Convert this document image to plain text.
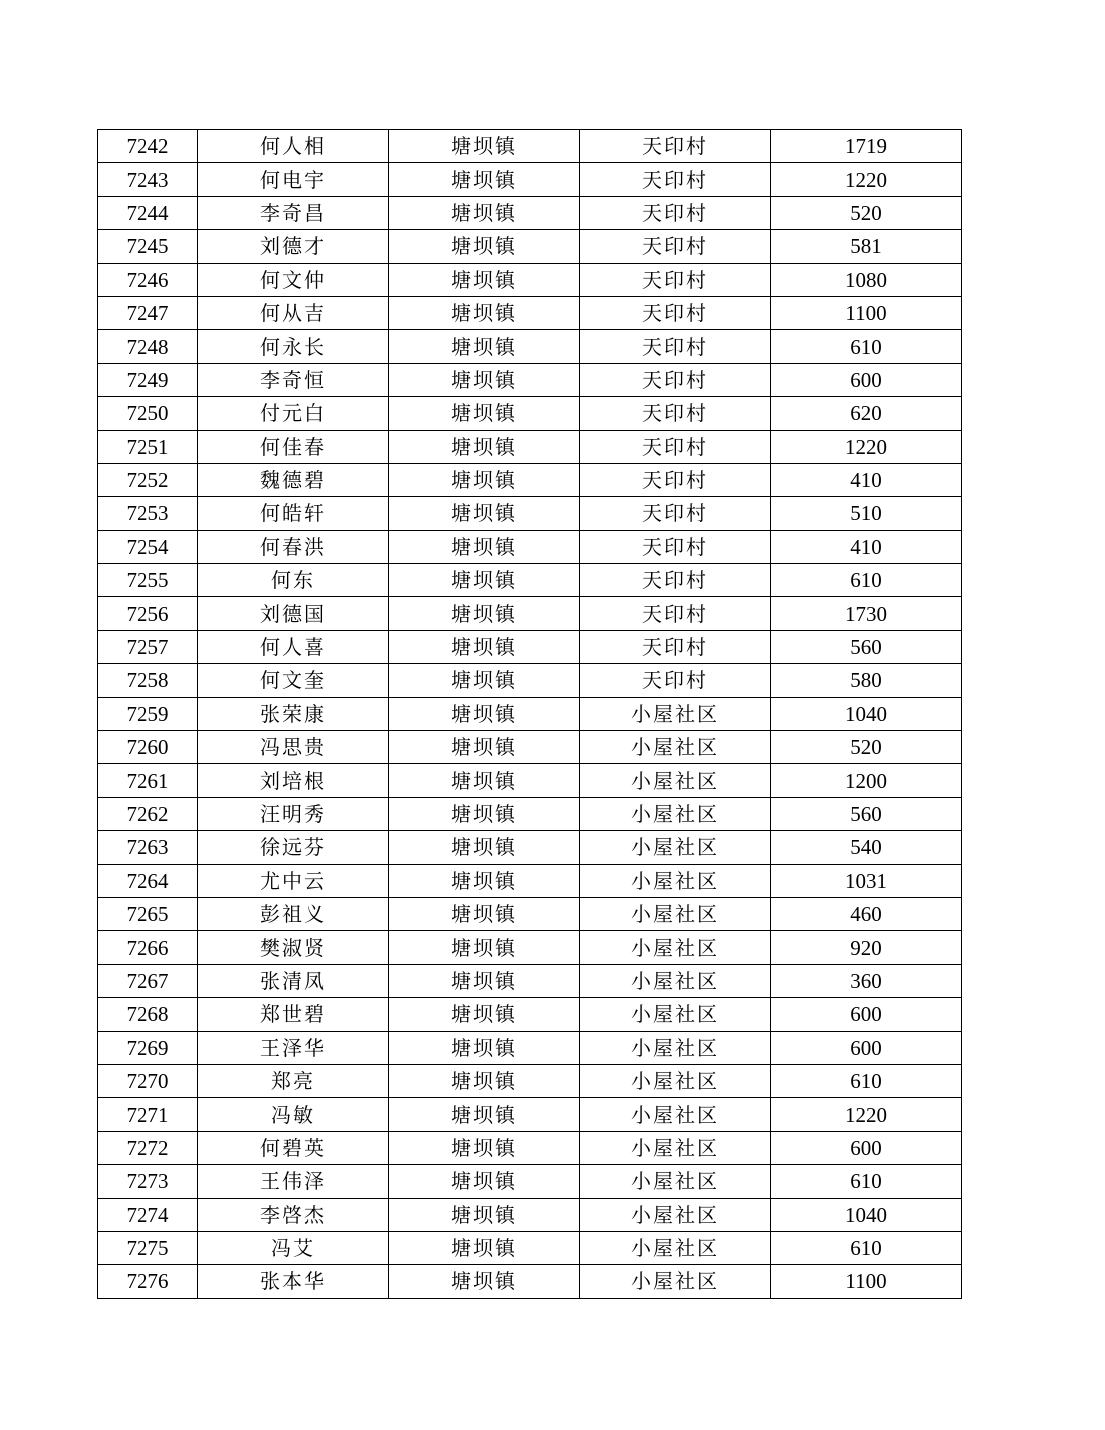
7242	何人相	塘坝镇	天印村	1719
7243	何电宇	塘坝镇	天印村	1220
7244	李奇昌	塘坝镇	天印村	520
7245	刘德才	塘坝镇	天印村	581
7246	何文仲	塘坝镇	天印村	1080
7247	何从吉	塘坝镇	天印村	1100
7248	何永长	塘坝镇	天印村	610
7249	李奇恒	塘坝镇	天印村	600
7250	付元白	塘坝镇	天印村	620
7251	何佳春	塘坝镇	天印村	1220
7252	魏德碧	塘坝镇	天印村	410
7253	何皓轩	塘坝镇	天印村	510
7254	何春洪	塘坝镇	天印村	410
7255	何东	塘坝镇	天印村	610
7256	刘德国	塘坝镇	天印村	1730
7257	何人喜	塘坝镇	天印村	560
7258	何文奎	塘坝镇	天印村	580
7259	张荣康	塘坝镇	小屋社区	1040
7260	冯思贵	塘坝镇	小屋社区	520
7261	刘培根	塘坝镇	小屋社区	1200
7262	汪明秀	塘坝镇	小屋社区	560
7263	徐远芬	塘坝镇	小屋社区	540
7264	尤中云	塘坝镇	小屋社区	1031
7265	彭祖义	塘坝镇	小屋社区	460
7266	樊淑贤	塘坝镇	小屋社区	920
7267	张清凤	塘坝镇	小屋社区	360
7268	郑世碧	塘坝镇	小屋社区	600
7269	王泽华	塘坝镇	小屋社区	600
7270	郑亮	塘坝镇	小屋社区	610
7271	冯敏	塘坝镇	小屋社区	1220
7272	何碧英	塘坝镇	小屋社区	600
7273	王伟泽	塘坝镇	小屋社区	610
7274	李啓杰	塘坝镇	小屋社区	1040
7275	冯艾	塘坝镇	小屋社区	610
7276	张本华	塘坝镇	小屋社区	1100
